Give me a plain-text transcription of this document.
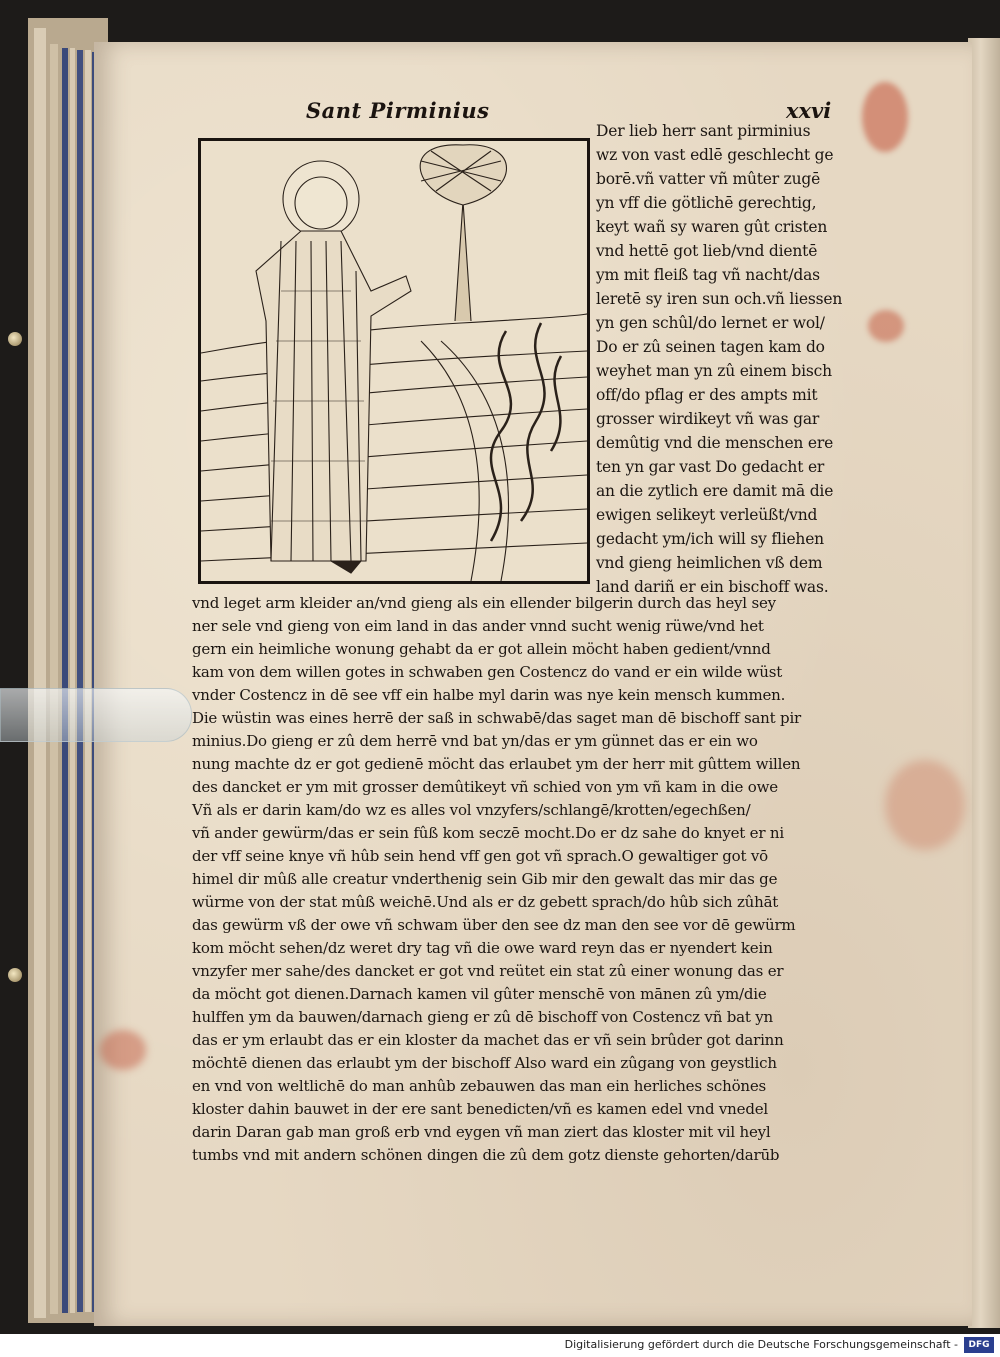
Sant Pirminius	xxvi
Der lieb herr sant pirminius
wz von vast edlē geschlecht ge
borē.vñ vatter vñ mûter zugē
yn vff die götlichē gerechtig,
keyt wañ sy waren gût cristen
vnd hettē got lieb/vnd dientē
ym mit fleiß tag vñ nacht/das
leretē sy iren sun och.vñ liessen
yn gen schûl/do lernet er wol/
Do er zû seinen tagen kam do
weyhet man yn zû einem bisch
off/do pflag er des ampts mit
grosser wirdikeyt vñ was gar
demûtig vnd die menschen ere
ten yn gar vast Do gedacht er
an die zytlich ere damit mā die
ewigen selikeyt verleüßt/vnd
gedacht ym/ich will sy fliehen
vnd gieng heimlichen vß dem
land dariñ er ein bischoff was.
vnd leget arm kleider an/vnd gieng als ein ellender bilgerin durch das heyl sey
ner sele vnd gieng von eim land in das ander vnnd sucht wenig rüwe/vnd het
gern ein heimliche wonung gehabt da er got allein möcht haben gedient/vnnd
kam von dem willen gotes in schwaben gen Costencz do vand er ein wilde wüst
vnder Costencz in dē see vff ein halbe myl darin was nye kein mensch kummen.
Die wüstin was eines herrē der saß in schwabē/das saget man dē bischoff sant pir
minius.Do gieng er zû dem herrē vnd bat yn/das er ym günnet das er ein wo
nung machte dz er got gedienē möcht das erlaubet ym der herr mit gûttem willen
des dancket er ym mit grosser demûtikeyt vñ schied von ym vñ kam in die owe
Vñ als er darin kam/do wz es alles vol vnzyfers/schlangē/krotten/egechßen/
vñ ander gewürm/das er sein fûß kom seczē mocht.Do er dz sahe do knyet er ni
der vff seine knye vñ hûb sein hend vff gen got vñ sprach.O gewaltiger got vō
himel dir mûß alle creatur vnderthenig sein Gib mir den gewalt das mir das ge
würme von der stat mûß weichē.Und als er dz gebett sprach/do hûb sich zûhāt
das gewürm vß der owe vñ schwam über den see dz man den see vor dē gewürm
kom möcht sehen/dz weret dry tag vñ die owe ward reyn das er nyendert kein
vnzyfer mer sahe/des dancket er got vnd reütet ein stat zû einer wonung das er
da möcht got dienen.Darnach kamen vil gûter menschē von mānen zû ym/die
hulffen ym da bauwen/darnach gieng er zû dē bischoff von Costencz vñ bat yn
das er ym erlaubt das er ein kloster da machet das er vñ sein brûder got darinn
möchtē dienen das erlaubt ym der bischoff Also ward ein zûgang von geystlich
en vnd von weltlichē do man anhûb zebauwen das man ein herliches schönes
kloster dahin bauwet in der ere sant benedicten/vñ es kamen edel vnd vnedel
darin Daran gab man groß erb vnd eygen vñ man ziert das kloster mit vil heyl
tumbs vnd mit andern schönen dingen die zû dem gotz dienste gehorten/darūb
Digitalisierung gefördert durch die Deutsche Forschungsgemeinschaft -	DFG
